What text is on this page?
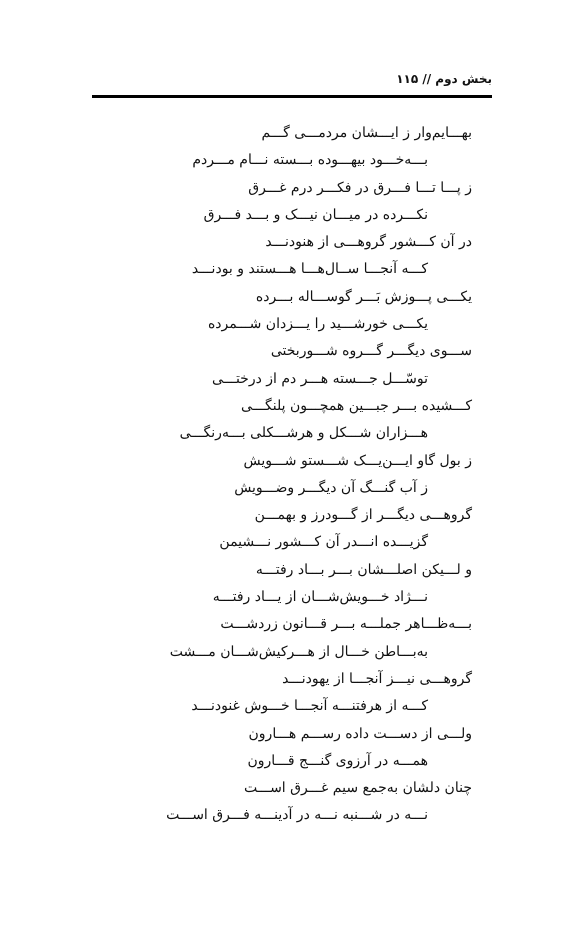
بخش دوم // ۱۱۵
بهـــایم‌وار ز ایـــشان مردمـــی گـــم
بـــه‌خـــود بیهـــوده بـــسته نـــام مـــردم
ز پـــا تـــا فـــرق در فکـــر درم غـــرق
نکـــرده در میـــان نیـــک و بـــد فـــرق
در آن کـــشور گروهـــی از هنودنـــد
کـــه آنجـــا ســال‌هـــا هـــستند و بودنـــد
یکـــی پـــوزش بَـــر گوســـاله بـــرده
یکـــی خورشـــید را یـــزدان شـــمرده
ســـوی دیگـــر گـــروه شـــوربختی
توسّـــل جـــسته هـــر دم از درختـــی
کـــشیده بـــر جبـــین همچـــون پلنگـــی
هـــزاران شـــکل و هرشـــکلی بـــه‌رنگـــی
ز بول گاو ایـــن‌یـــک شـــستو شـــویش
ز آب گنـــگ آن دیگـــر وضـــویش
گروهـــی دیگـــر از گـــودرز و بهمـــن
گزیـــده انـــدر آن کـــشور نـــشیمن
و لـــیکن اصلـــشان بـــر بـــاد رفتـــه
نـــژاد خـــویش‌شـــان از یـــاد رفتـــه
بـــه‌ظـــاهر جملـــه بـــر قـــانون زردشـــت
به‌بـــاطن خـــال از هـــرکیش‌شـــان مـــشت
گروهـــی نیـــز آنجـــا از یهودنـــد
کـــه از هرفتنـــه آنجـــا خـــوش غنودنـــد
ولـــی از دســـت داده رســـم هـــارون
همـــه در آرزوی گنـــج قـــارون
چنان دلشان به‌جمع سیم غـــرق اســـت
نـــه در شـــنبه نـــه در آدینـــه فـــرق اســـت
